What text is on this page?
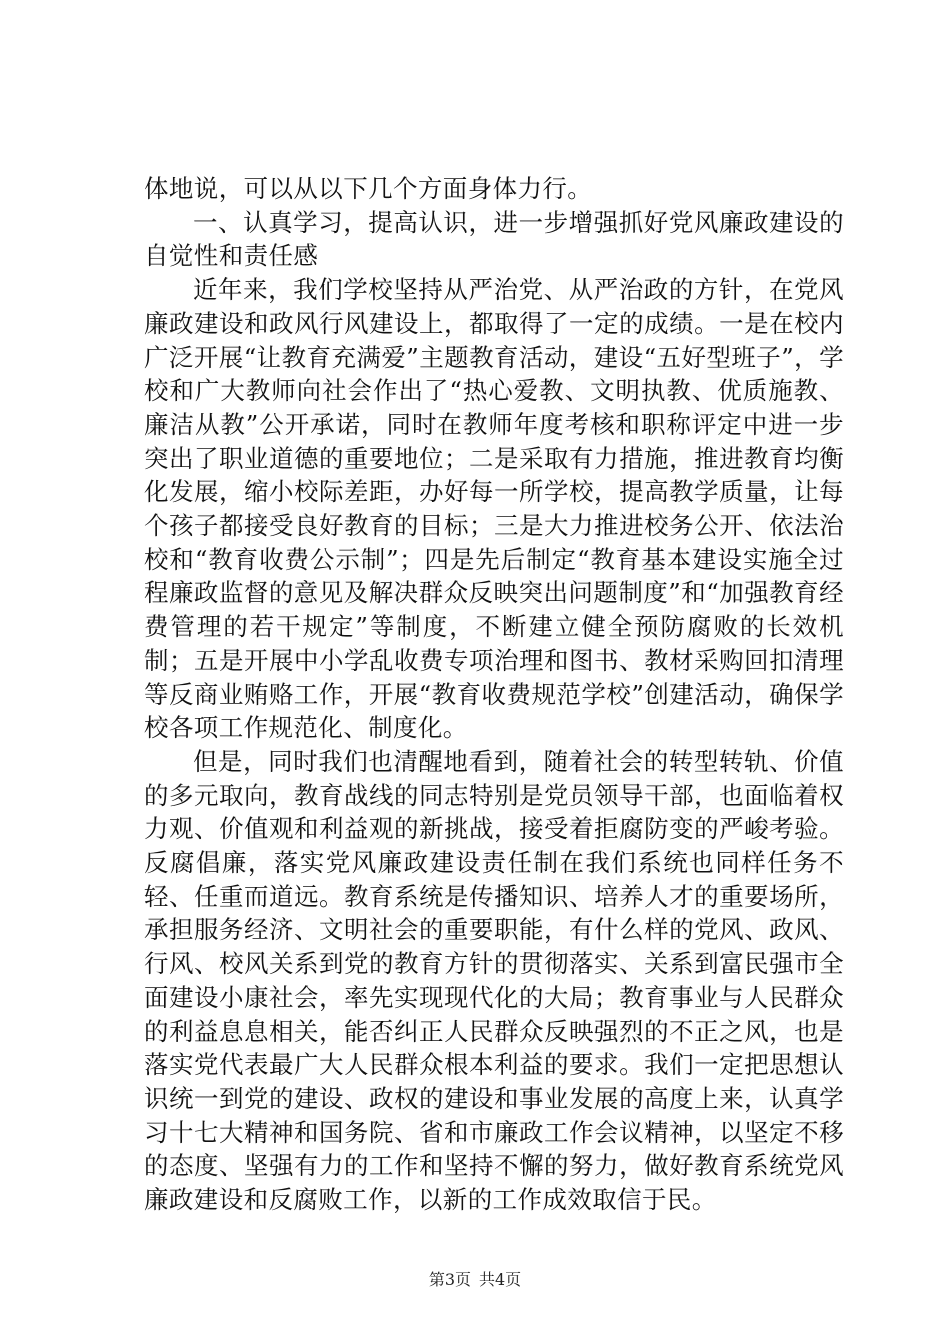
体地说，可以从以下几个方面身体力行。

一、认真学习，提高认识，进一步增强抓好党风廉政建设的自觉性和责任感

近年来，我们学校坚持从严治党、从严治政的方针，在党风廉政建设和政风行风建设上，都取得了一定的成绩。一是在校内广泛开展“让教育充满爱”主题教育活动，建设“五好型班子”，学校和广大教师向社会作出了“热心爱教、文明执教、优质施教、廉洁从教”公开承诺，同时在教师年度考核和职称评定中进一步突出了职业道德的重要地位；二是采取有力措施，推进教育均衡化发展，缩小校际差距，办好每一所学校，提高教学质量，让每个孩子都接受良好教育的目标；三是大力推进校务公开、依法治校和“教育收费公示制”；四是先后制定“教育基本建设实施全过程廉政监督的意见及解决群众反映突出问题制度”和“加强教育经费管理的若干规定”等制度，不断建立健全预防腐败的长效机制；五是开展中小学乱收费专项治理和图书、教材采购回扣清理等反商业贿赂工作，开展“教育收费规范学校”创建活动，确保学校各项工作规范化、制度化。

但是，同时我们也清醒地看到，随着社会的转型转轨、价值的多元取向，教育战线的同志特别是党员领导干部，也面临着权力观、价值观和利益观的新挑战，接受着拒腐防变的严峻考验。反腐倡廉，落实党风廉政建设责任制在我们系统也同样任务不轻、任重而道远。教育系统是传播知识、培养人才的重要场所，承担服务经济、文明社会的重要职能，有什么样的党风、政风、行风、校风关系到党的教育方针的贯彻落实、关系到富民强市全面建设小康社会，率先实现现代化的大局；教育事业与人民群众的利益息息相关，能否纠正人民群众反映强烈的不正之风，也是落实党代表最广大人民群众根本利益的要求。我们一定把思想认识统一到党的建设、政权的建设和事业发展的高度上来，认真学习十七大精神和国务院、省和市廉政工作会议精神，以坚定不移的态度、坚强有力的工作和坚持不懈的努力，做好教育系统党风廉政建设和反腐败工作，以新的工作成效取信于民。

第3页 共4页
